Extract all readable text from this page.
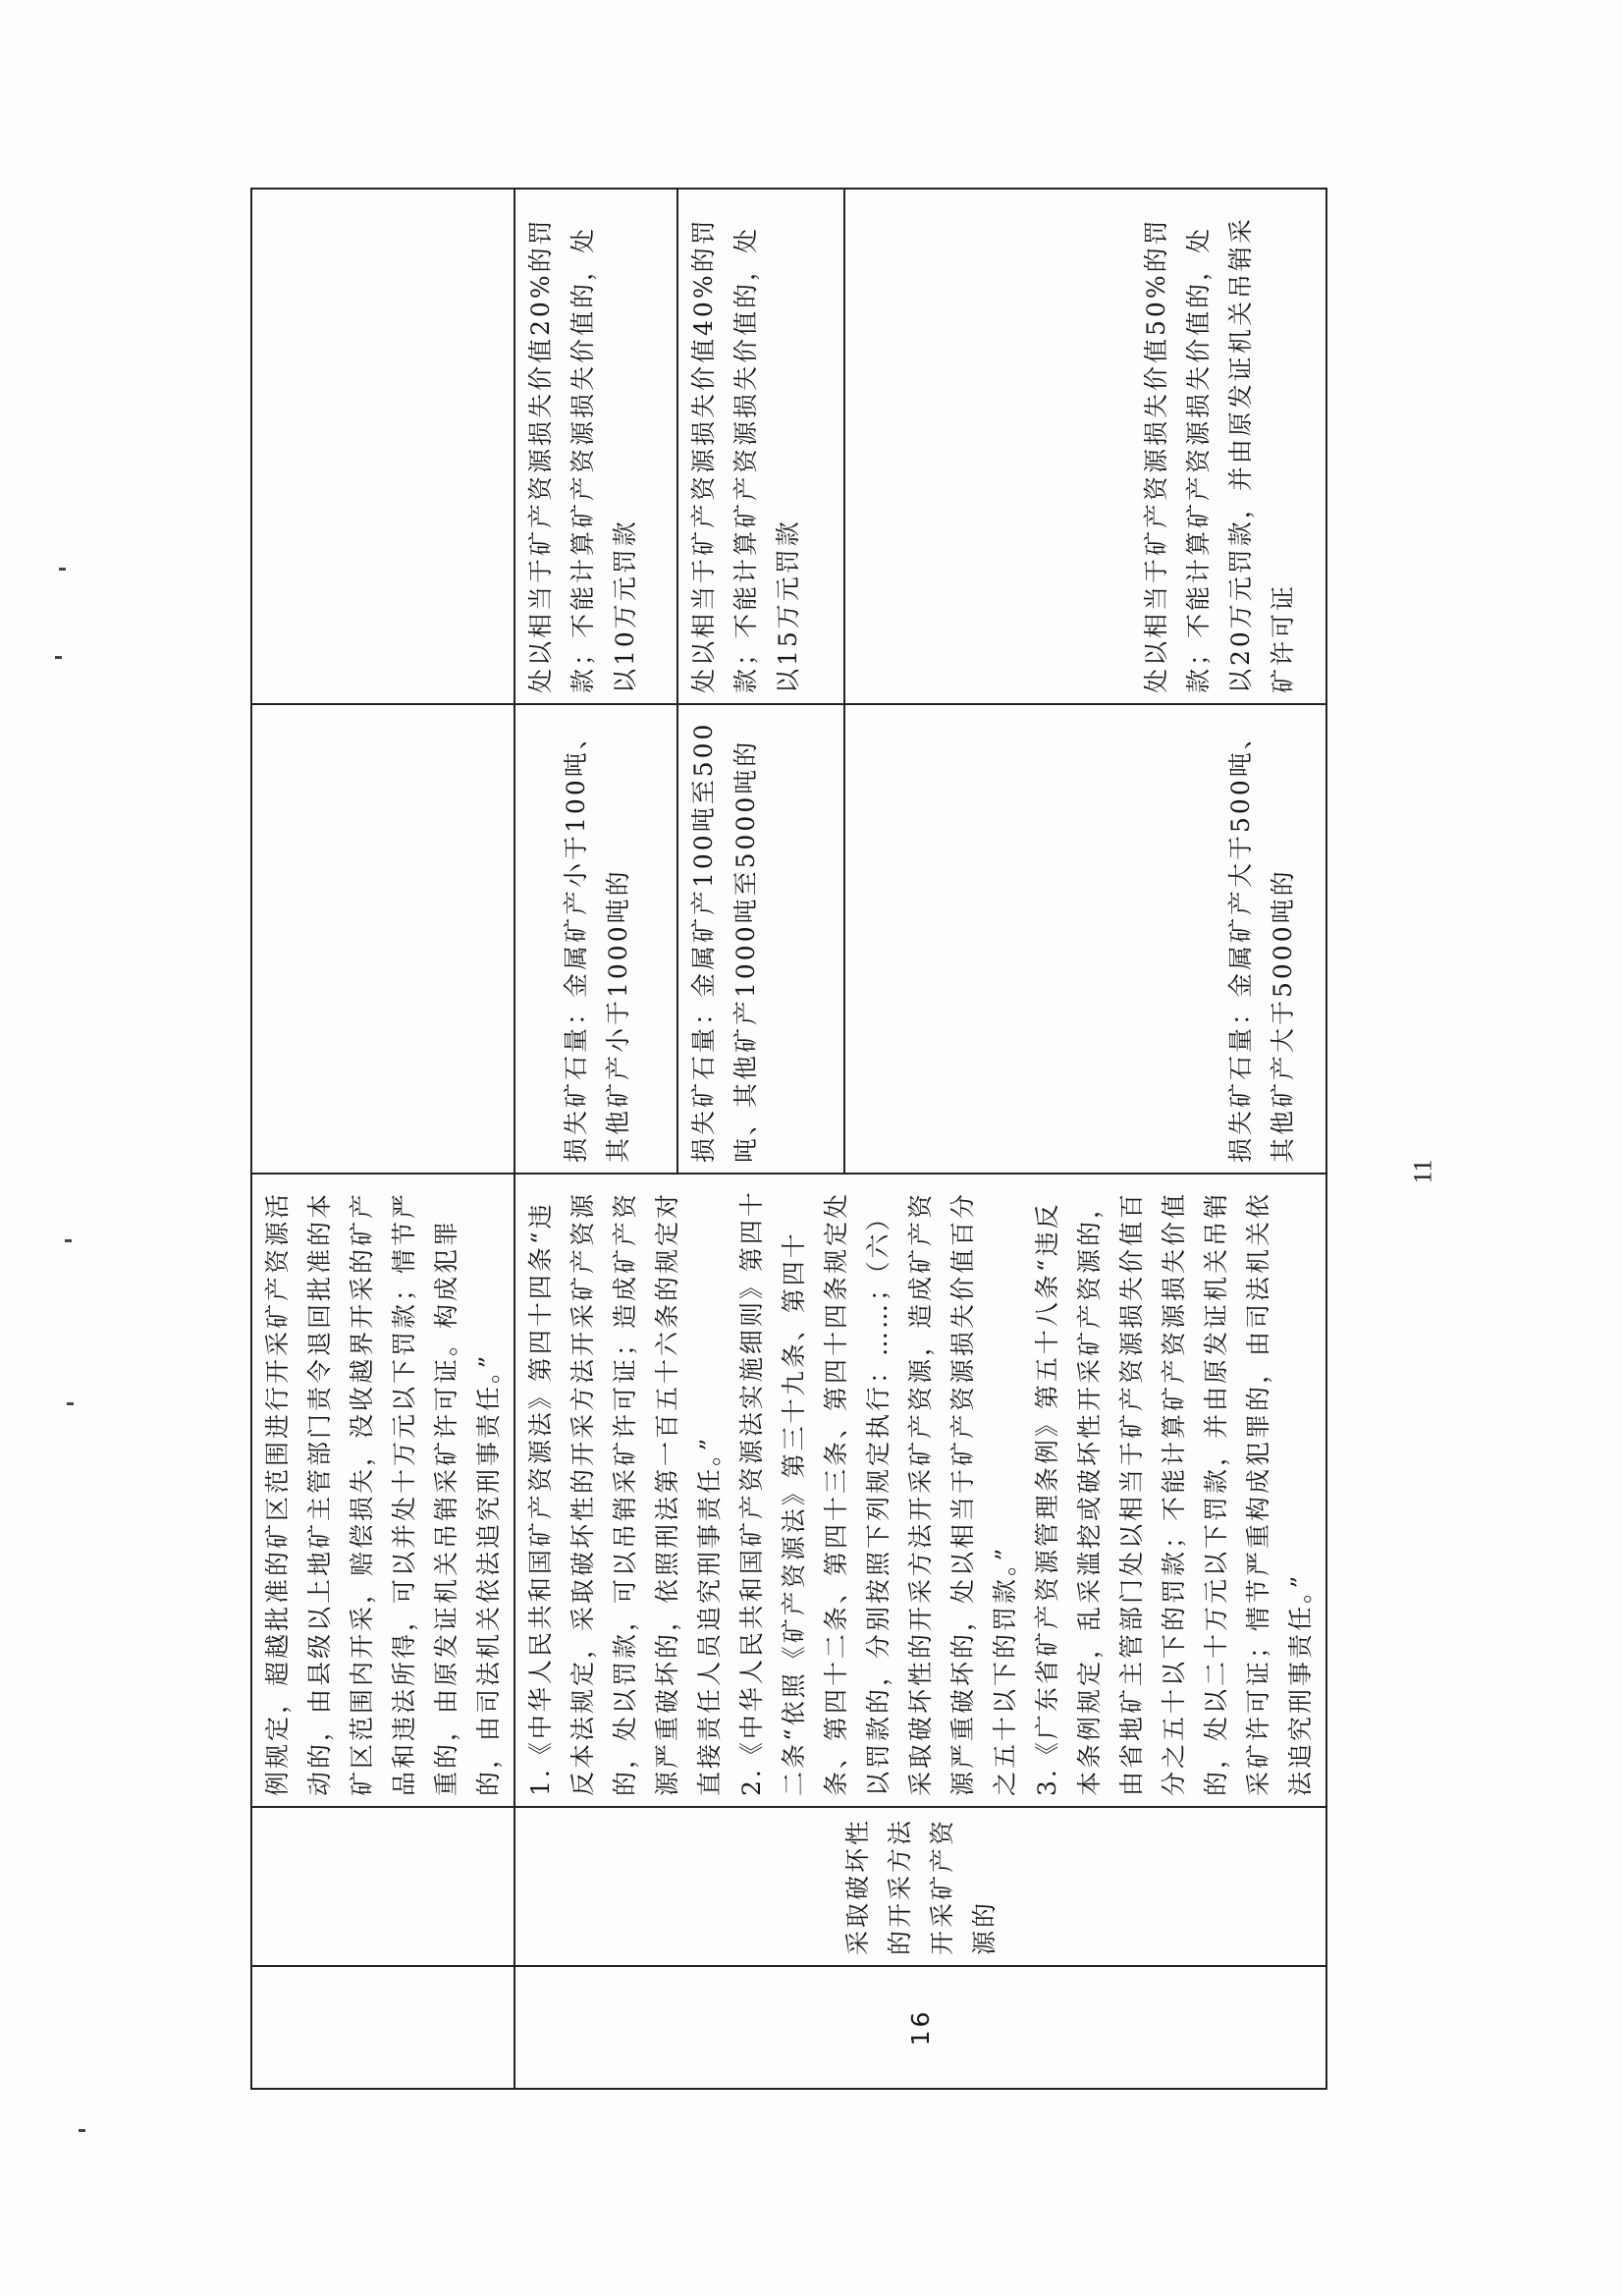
		例规定，超越批准的矿区范围进行开采矿产资源活动的，由县级以上地矿主管部门责令退回批准的本矿区范围内开采，赔偿损失，没收越界开采的矿产品和违法所得，可以并处十万元以下罚款；情节严重的，由原发证机关吊销采矿许可证。构成犯罪的，由司法机关依法追究刑事责任。”		
16	采取破坏性的开采方法开采矿产资源的	1.《中华人民共和国矿产资源法》第四十四条“违反本法规定，采取破坏性的开采方法开采矿产资源的，处以罚款，可以吊销采矿许可证；造成矿产资源严重破坏的，依照刑法第一百五十六条的规定对直接责任人员追究刑事责任。”
2.《中华人民共和国矿产资源法实施细则》第四十二条“依照《矿产资源法》第三十九条、第四十条、第四十二条、第四十三条、第四十四条规定处以罚款的，分别按照下列规定执行：……；（六）采取破坏性的开采方法开采矿产资源，造成矿产资源严重破坏的，处以相当于矿产资源损失价值百分之五十以下的罚款。”
3.《广东省矿产资源管理条例》第五十八条“违反本条例规定，乱采滥挖或破坏性开采矿产资源的，由省地矿主管部门处以相当于矿产资源损失价值百分之五十以下的罚款；不能计算矿产资源损失价值的，处以二十万元以下罚款，并由原发证机关吊销采矿许可证；情节严重构成犯罪的，由司法机关依法追究刑事责任。”	损失矿石量：金属矿产小于100吨、其他矿产小于1000吨的	处以相当于矿产资源损失价值20%的罚款；不能计算矿产资源损失价值的，处以10万元罚款
			损失矿石量：金属矿产100吨至500吨、其他矿产1000吨至5000吨的	处以相当于矿产资源损失价值40%的罚款；不能计算矿产资源损失价值的，处以15万元罚款
			损失矿石量：金属矿产大于500吨、其他矿产大于5000吨的	处以相当于矿产资源损失价值50%的罚款；不能计算矿产资源损失价值的，处以20万元罚款，并由原发证机关吊销采矿许可证
11
